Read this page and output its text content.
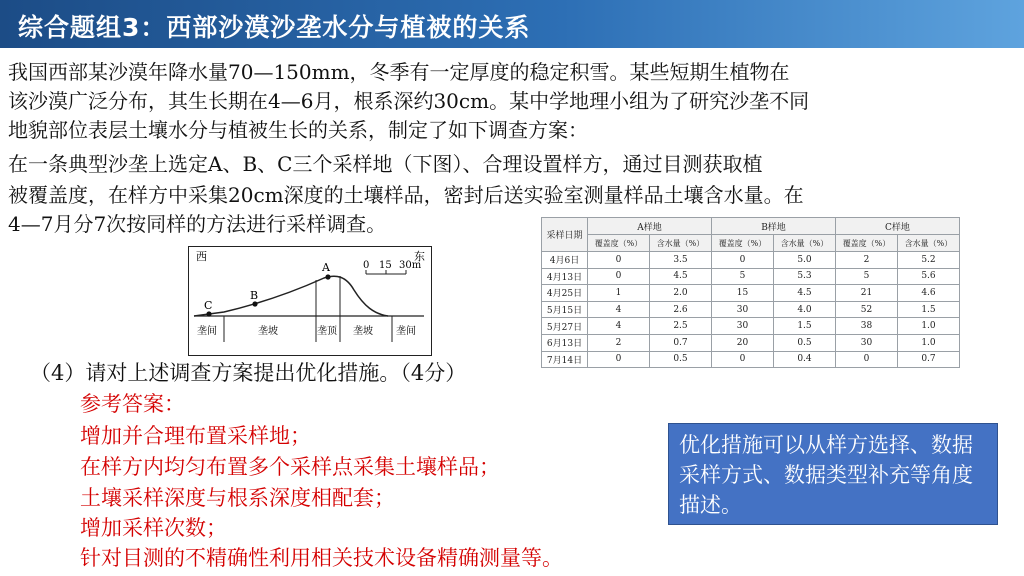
综合题组3：西部沙漠沙垄水分与植被的关系
我国西部某沙漠年降水量70—150mm，冬季有一定厚度的稳定积雪。某些短期生植物在
该沙漠广泛分布，其生长期在4—6月，根系深约30cm。某中学地理小组为了研究沙垄不同
地貌部位表层土壤水分与植被生长的关系，制定了如下调查方案：
在一条典型沙垄上选定A、B、C三个采样地（下图）、合理设置样方，通过目测获取植
被覆盖度，在样方中采集20cm深度的土壤样品，密封后送实验室测量样品土壤含水量。在
4—7月分7次按同样的方法进行采样调查。
西	东
0 15 30m
A
B
C
垄间	垄坡	垄顶 垄坡 垄间
采样日期	A样地		B样地		C样地	
	覆盖度（%）	含水量（%）	覆盖度（%）	含水量（%）	覆盖度（%）	含水量（%）
4月6日	0	3.5	0	5.0	2	5.2
4月13日	0	4.5	5	5.3	5	5.6
4月25日	1	2.0	15	4.5	21	4.6
5月15日	4	2.6	30	4.0	52	1.5
5月27日	4	2.5	30	1.5	38	1.0
6月13日	2	0.7	20	0.5	30	1.0
7月14日	0	0.5	0	0.4	0	0.7
（4）请对上述调查方案提出优化措施。（4分）
参考答案：
增加并合理布置采样地；
在样方内均匀布置多个采样点采集土壤样品；
土壤采样深度与根系深度相配套；
增加采样次数；
针对目测的不精确性利用相关技术设备精确测量等。
优化措施可以从样方选择、数据采样方式、数据类型补充等角度描述。
